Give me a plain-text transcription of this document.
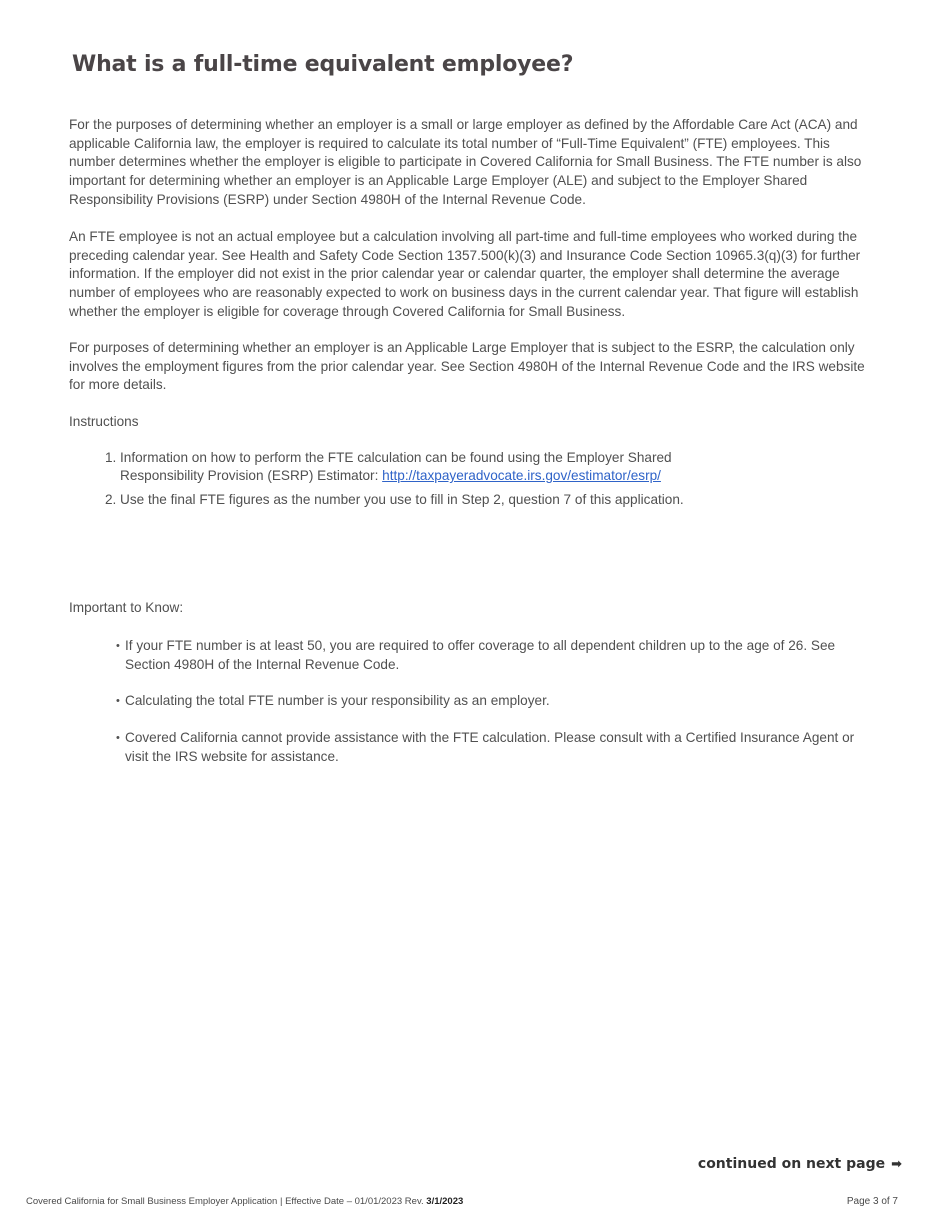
What is a full-time equivalent employee?

For the purposes of determining whether an employer is a small or large employer as defined by the Affordable Care Act (ACA) and applicable California law, the employer is required to calculate its total number of “Full-Time Equivalent” (FTE) employees. This number determines whether the employer is eligible to participate in Covered California for Small Business. The FTE number is also important for determining whether an employer is an Applicable Large Employer (ALE) and subject to the Employer Shared Responsibility Provisions (ESRP) under Section 4980H of the Internal Revenue Code.

An FTE employee is not an actual employee but a calculation involving all part-time and full-time employees who worked during the preceding calendar year. See Health and Safety Code Section 1357.500(k)(3) and Insurance Code Section 10965.3(q)(3) for further information. If the employer did not exist in the prior calendar year or calendar quarter, the employer shall determine the average number of employees who are reasonably expected to work on business days in the current calendar year. That figure will establish whether the employer is eligible for coverage through Covered California for Small Business.

For purposes of determining whether an employer is an Applicable Large Employer that is subject to the ESRP, the calculation only involves the employment figures from the prior calendar year. See Section 4980H of the Internal Revenue Code and the IRS website for more details.

Instructions

1. Information on how to perform the FTE calculation can be found using the Employer Shared Responsibility Provision (ESRP) Estimator: http://taxpayeradvocate.irs.gov/estimator/esrp/
2. Use the final FTE figures as the number you use to fill in Step 2, question 7 of this application.

Important to Know:

• If your FTE number is at least 50, you are required to offer coverage to all dependent children up to the age of 26. See Section 4980H of the Internal Revenue Code.
• Calculating the total FTE number is your responsibility as an employer.
• Covered California cannot provide assistance with the FTE calculation. Please consult with a Certified Insurance Agent or visit the IRS website for assistance.
continued on next page ➡
Covered California for Small Business Employer Application | Effective Date – 01/01/2023 Rev. 3/1/2023	Page 3 of 7
